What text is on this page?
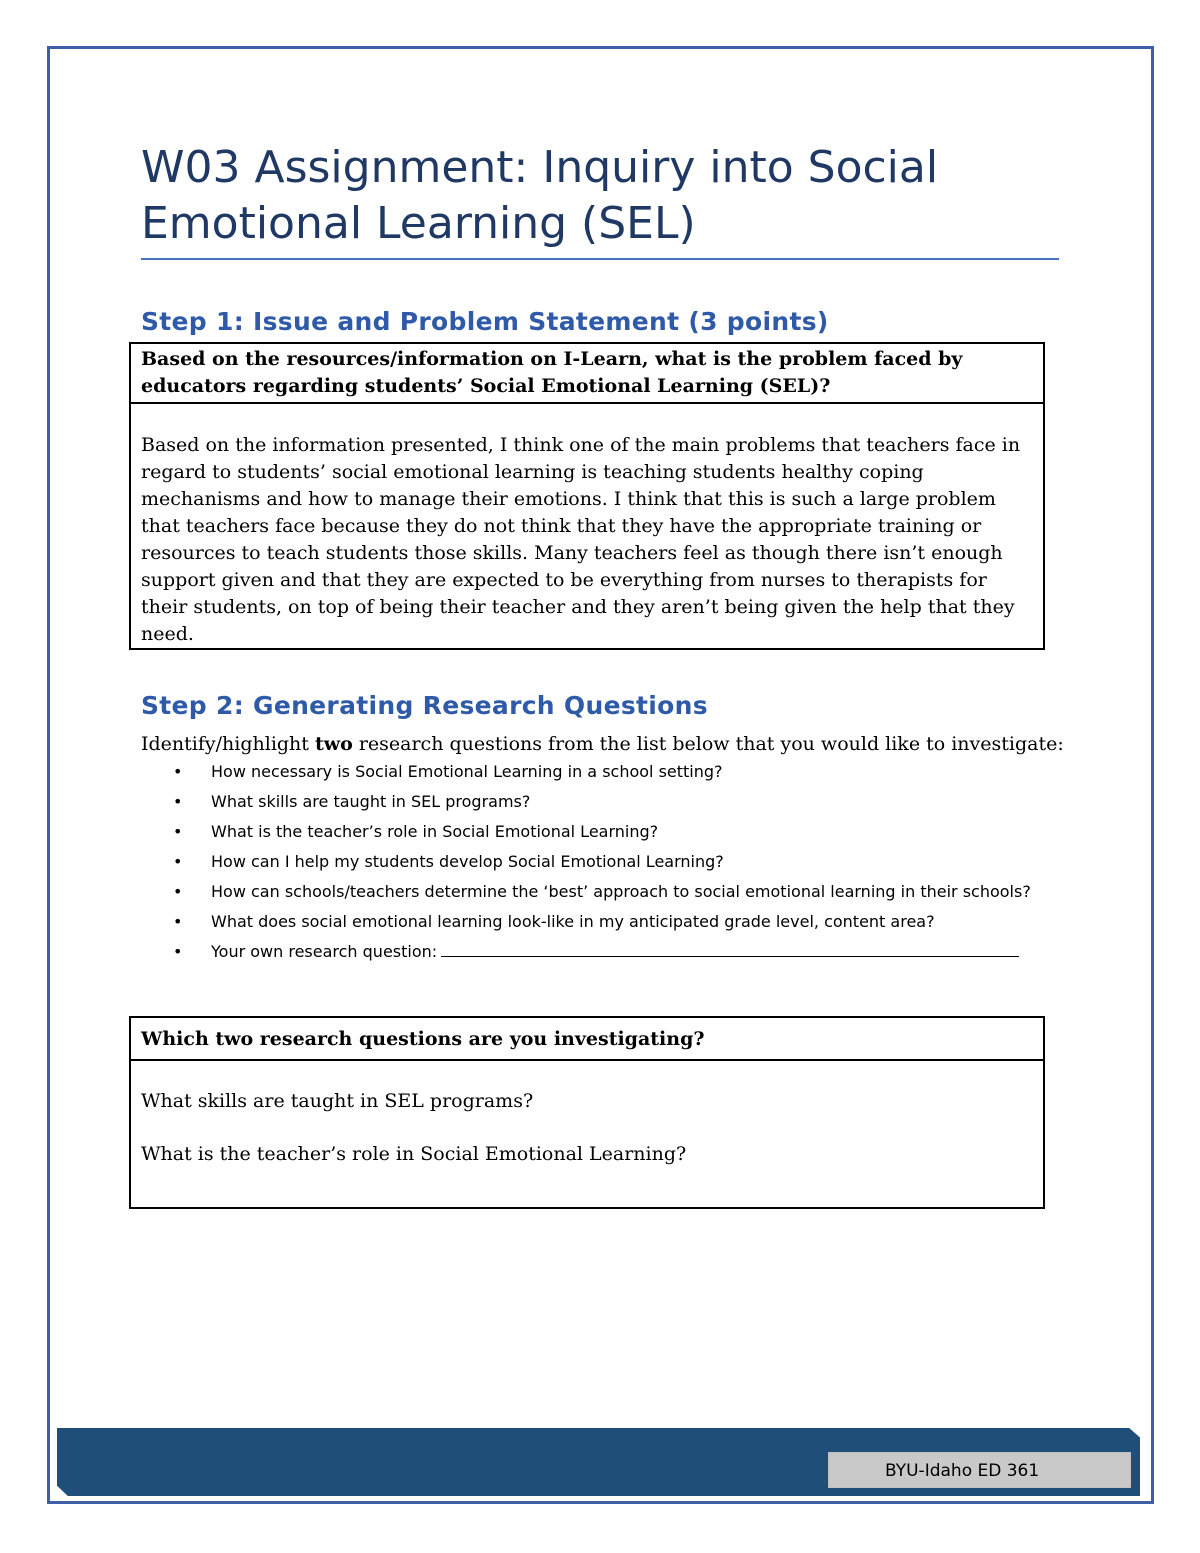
W03 Assignment: Inquiry into Social Emotional Learning (SEL)
Step 1: Issue and Problem Statement (3 points)
Based on the resources/information on I-Learn, what is the problem faced by educators regarding students’ Social Emotional Learning (SEL)?

Based on the information presented, I think one of the main problems that teachers face in regard to students’ social emotional learning is teaching students healthy coping mechanisms and how to manage their emotions. I think that this is such a large problem that teachers face because they do not think that they have the appropriate training or resources to teach students those skills. Many teachers feel as though there isn’t enough support given and that they are expected to be everything from nurses to therapists for their students, on top of being their teacher and they aren’t being given the help that they need.
Step 2: Generating Research Questions

Identify/highlight two research questions from the list below that you would like to investigate:

• How necessary is Social Emotional Learning in a school setting?
• What skills are taught in SEL programs?
• What is the teacher’s role in Social Emotional Learning?
• How can I help my students develop Social Emotional Learning?
• How can schools/teachers determine the ‘best’ approach to social emotional learning in their schools?
• What does social emotional learning look-like in my anticipated grade level, content area?
• Your own research question:
Which two research questions are you investigating?

What skills are taught in SEL programs?

What is the teacher’s role in Social Emotional Learning?

BYU-Idaho ED 361
